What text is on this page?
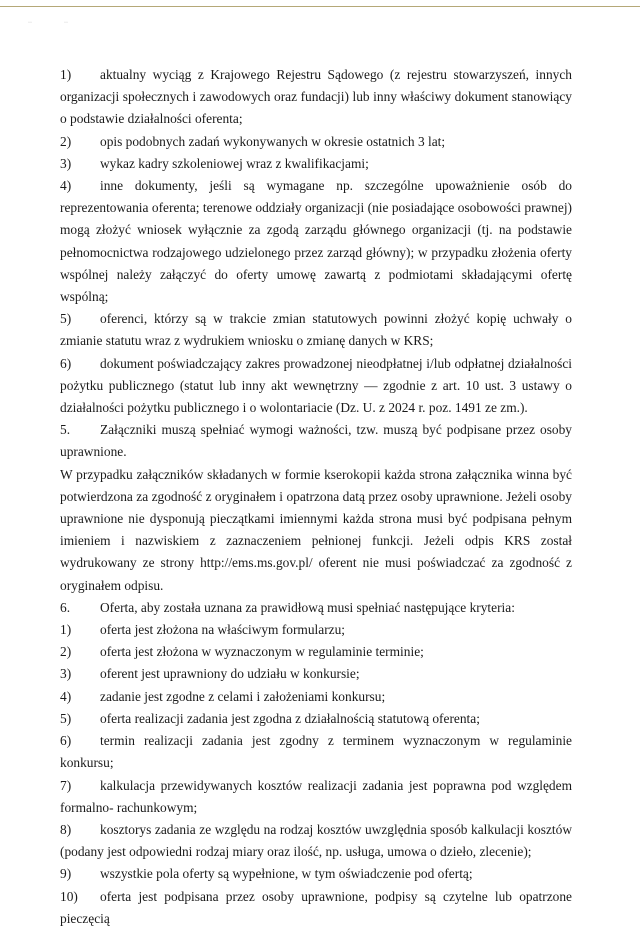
··	··

1) aktualny wyciąg z Krajowego Rejestru Sądowego (z rejestru stowarzyszeń, innych organizacji społecznych i zawodowych oraz fundacji) lub inny właściwy dokument stanowiący o podstawie działalności oferenta;

2) opis podobnych zadań wykonywanych w okresie ostatnich 3 lat;

3) wykaz kadry szkoleniowej wraz z kwalifikacjami;

4) inne dokumenty, jeśli są wymagane np. szczególne upoważnienie osób do reprezentowania oferenta; terenowe oddziały organizacji (nie posiadające osobowości prawnej) mogą złożyć wniosek wyłącznie za zgodą zarządu głównego organizacji (tj. na podstawie pełnomocnictwa rodzajowego udzielonego przez zarząd główny); w przypadku złożenia oferty wspólnej należy załączyć do oferty umowę zawartą z podmiotami składającymi ofertę wspólną;

5) oferenci, którzy są w trakcie zmian statutowych powinni złożyć kopię uchwały o zmianie statutu wraz z wydrukiem wniosku o zmianę danych w KRS;

6) dokument poświadczający zakres prowadzonej nieodpłatnej i/lub odpłatnej działalności pożytku publicznego (statut lub inny akt wewnętrzny — zgodnie z art. 10 ust. 3 ustawy o działalności pożytku publicznego i o wolontariacie (Dz. U. z 2024 r. poz. 1491 ze zm.).

5. Załączniki muszą spełniać wymogi ważności, tzw. muszą być podpisane przez osoby uprawnione.

W przypadku załączników składanych w formie kserokopii każda strona załącznika winna być potwierdzona za zgodność z oryginałem i opatrzona datą przez osoby uprawnione. Jeżeli osoby uprawnione nie dysponują pieczątkami imiennymi każda strona musi być podpisana pełnym imieniem i nazwiskiem z zaznaczeniem pełnionej funkcji. Jeżeli odpis KRS został wydrukowany ze strony http://ems.ms.gov.pl/ oferent nie musi poświadczać za zgodność z oryginałem odpisu.

6. Oferta, aby została uznana za prawidłową musi spełniać następujące kryteria:

1) oferta jest złożona na właściwym formularzu;

2) oferta jest złożona w wyznaczonym w regulaminie terminie;

3) oferent jest uprawniony do udziału w konkursie;

4) zadanie jest zgodne z celami i założeniami konkursu;

5) oferta realizacji zadania jest zgodna z działalnością statutową oferenta;

6) termin realizacji zadania jest zgodny z terminem wyznaczonym w regulaminie konkursu;

7) kalkulacja przewidywanych kosztów realizacji zadania jest poprawna pod względem formalno- rachunkowym;

8) kosztorys zadania ze względu na rodzaj kosztów uwzględnia sposób kalkulacji kosztów (podany jest odpowiedni rodzaj miary oraz ilość, np. usługa, umowa o dzieło, zlecenie);

9) wszystkie pola oferty są wypełnione, w tym oświadczenie pod ofertą;

10) oferta jest podpisana przez osoby uprawnione, podpisy są czytelne lub opatrzone pieczęcią
